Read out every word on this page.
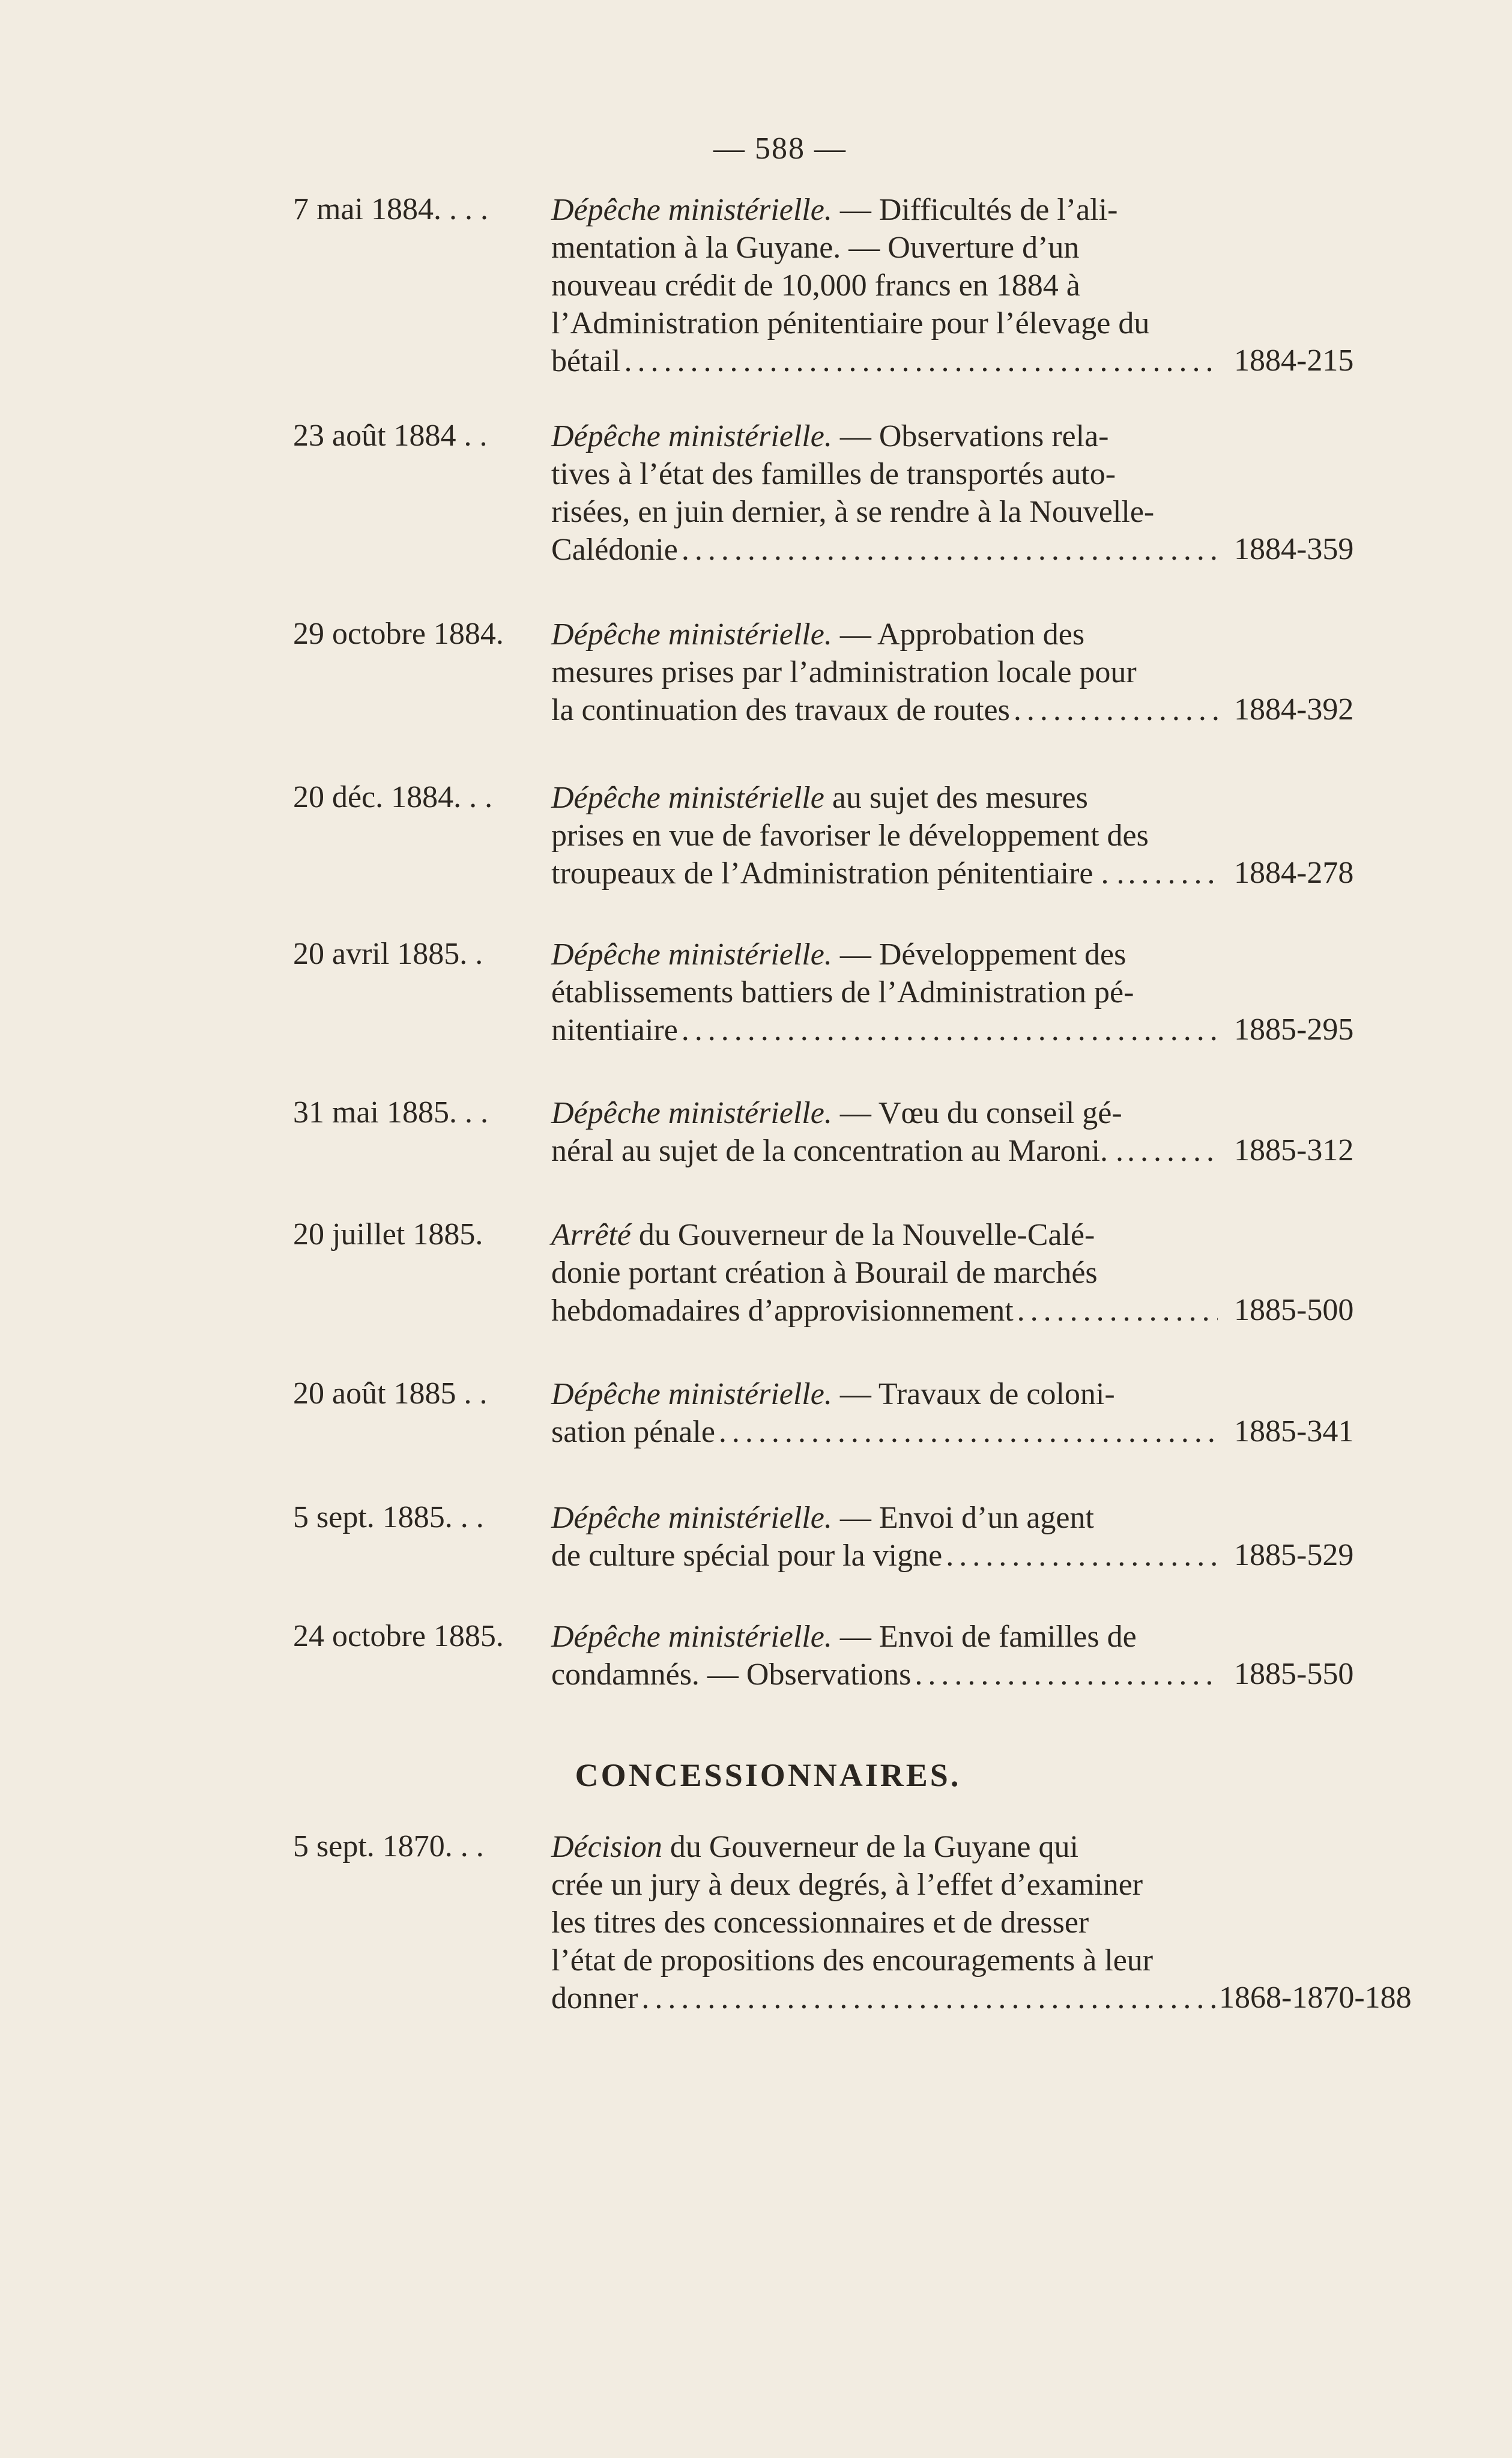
— 588 —
7 mai 1884. . . .	Dépêche ministérielle. — Difficultés de l’ali-
mentation à la Guyane. — Ouverture d’un
nouveau crédit de 10,000 francs en 1884 à
l’Administration pénitentiaire pour l’élevage du
bétail . . .	1884-215
23 août 1884 . .	Dépêche ministérielle. — Observations rela-
tives à l’état des familles de transportés auto-
risées, en juin dernier, à se rendre à la Nouvelle-
Calédonie . . .	1884-359
29 octobre 1884.	Dépêche ministérielle. — Approbation des
mesures prises par l’administration locale pour
la continuation des travaux de routes . . .	1884-392
20 déc. 1884. . .	Dépêche ministérielle au sujet des mesures
prises en vue de favoriser le développement des
troupeaux de l’Administration pénitentiaire . . . . .	1884-278
20 avril 1885. .	Dépêche ministérielle. — Développement des
établissements battiers de l’Administration pé-
nitentiaire . . .	1885-295
31 mai 1885. . .	Dépêche ministérielle. — Vœu du conseil gé-
néral au sujet de la concentration au Maroni. . . . .	1885-312
20 juillet 1885.	Arrêté du Gouverneur de la Nouvelle-Calé-
donie portant création à Bourail de marchés
hebdomadaires d’approvisionnement . . .	1885-500
20 août 1885 . .	Dépêche ministérielle. — Travaux de coloni-
sation pénale . . .	1885-341
5 sept. 1885. . .	Dépêche ministérielle. — Envoi d’un agent
de culture spécial pour la vigne . . .	1885-529
24 octobre 1885.	Dépêche ministérielle. — Envoi de familles de
condamnés. — Observations . . .	1885-550
CONCESSIONNAIRES.
5 sept. 1870. . .	Décision du Gouverneur de la Guyane qui
crée un jury à deux degrés, à l’effet d’examiner
les titres des concessionnaires et de dresser
l’état de propositions des encouragements à leur
donner . . .	1868-1870-188
